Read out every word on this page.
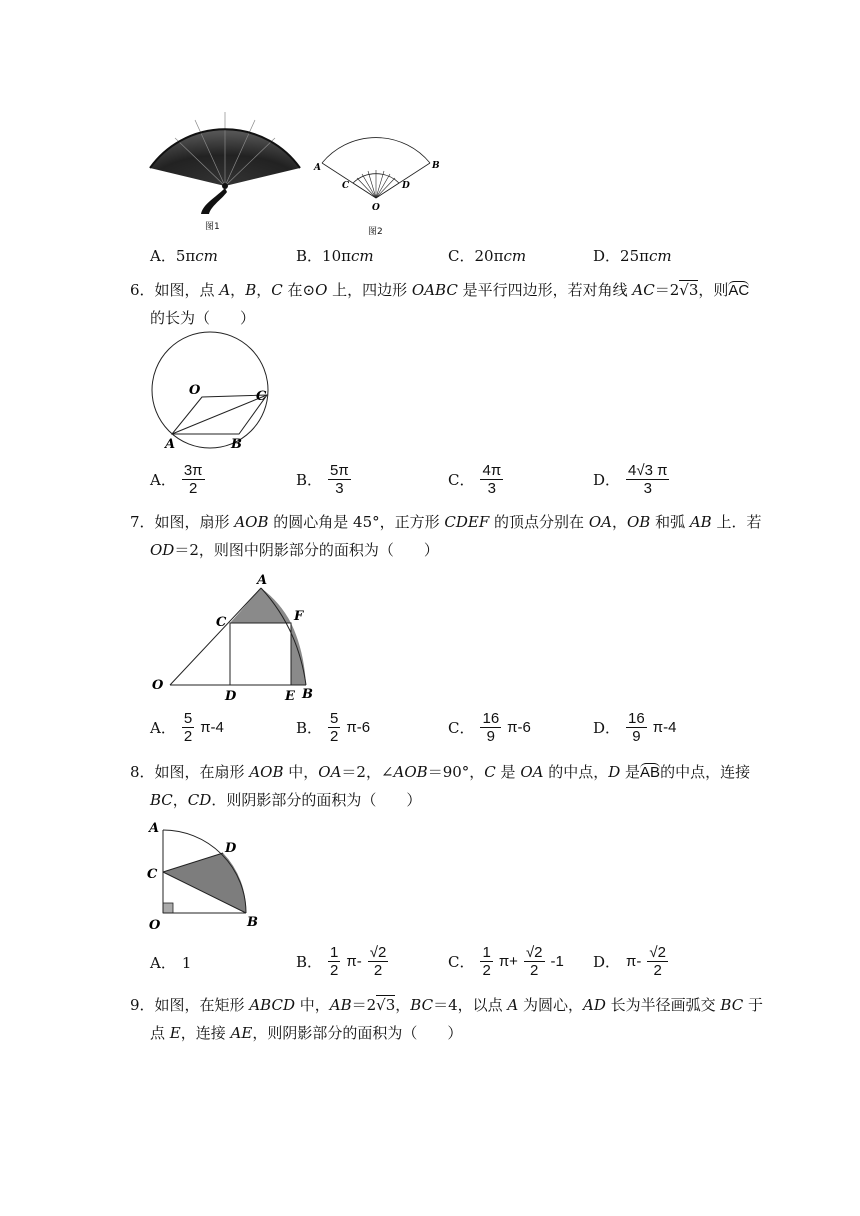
图1
A	B
C	D
O
图2
A．5πcm	B．10πcm	C．20πcm	D．25πcm
6．如图，点 A，B，C 在⊙O 上，四边形 OABC 是平行四边形，若对角线 AC＝2√3，则AC
的长为（　　）
O	C
A	B
A． $\frac{3\pi}{2}$	B． $\frac{5\pi}{3}$	C． $\frac{4\pi}{3}$	D． $\frac{4√3 \pi}{3}$
7．如图，扇形 AOB 的圆心角是 45°，正方形 CDEF 的顶点分别在 OA，OB 和弧 AB 上．若
OD＝2，则图中阴影部分的面积为（　　）
A
C	F
O
D	E B
A． $\frac{5}{2} \pi-4$	B． $\frac{5}{2} \pi-6$	C． $\frac{16}{9} \pi-6$	D． $\frac{16}{9} \pi-4$
8．如图，在扇形 AOB 中，OA＝2，∠AOB＝90°，C 是 OA 的中点，D 是AB的中点，连接
BC，CD．则阴影部分的面积为（　　）
A
D
C
O	B
A． 1	B． $\frac{1}{2} \pi- \frac{√2}{2}$	C． $\frac{1}{2} \pi+ \frac{√2}{2} -1$ D． $\pi- \frac{√2}{2}$
9．如图，在矩形 ABCD 中，AB＝2√3，BC＝4，以点 A 为圆心，AD 长为半径画弧交 BC 于
点 E，连接 AE，则阴影部分的面积为（　　）
